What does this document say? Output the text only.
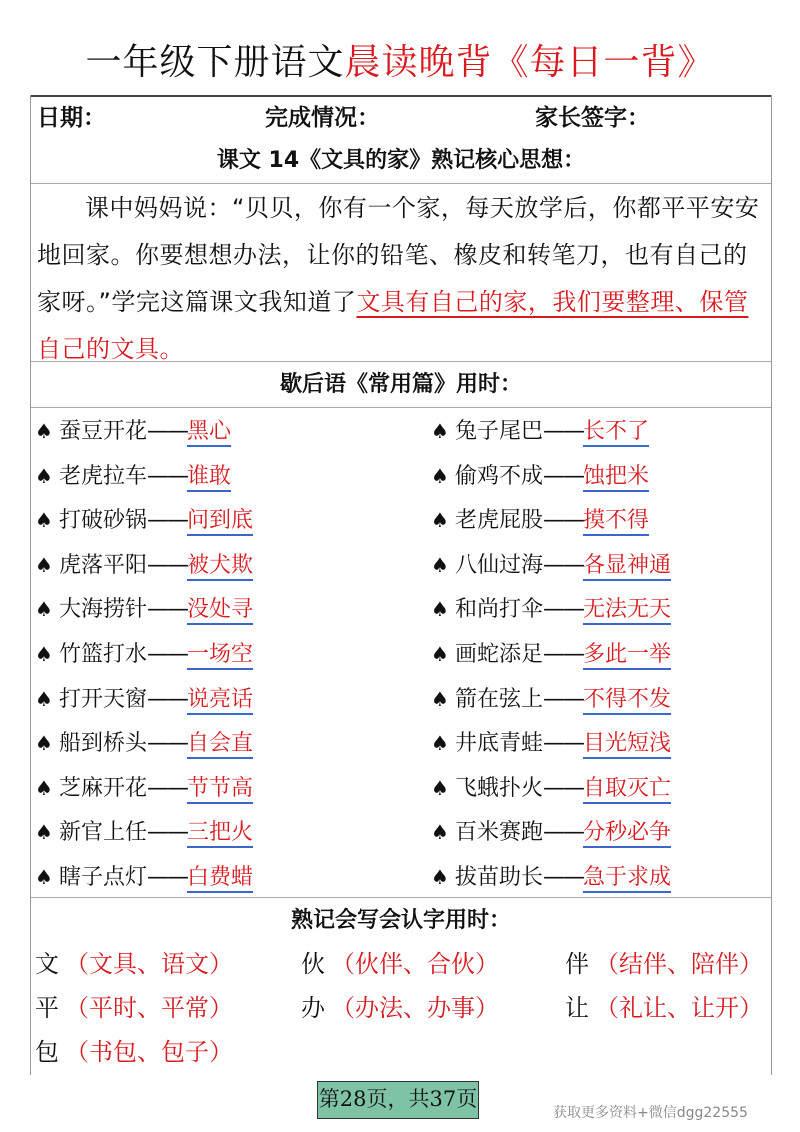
一年级下册语文晨读晚背《每日一背》
日期：	完成情况：	家长签字：
课文 14《文具的家》熟记核心思想：
课中妈妈说：“贝贝，你有一个家，每天放学后，你都平平安安地回家。你要想想办法，让你的铅笔、橡皮和转笔刀，也有自己的家呀。”学完这篇课文我知道了文具有自己的家，我们要整理、保管自己的文具。
歇后语《常用篇》用时：
♠ 蚕豆开花——黑心
♠ 老虎拉车——谁敢
♠ 打破砂锅——问到底
♠ 虎落平阳——被犬欺
♠ 大海捞针——没处寻
♠ 竹篮打水——一场空
♠ 打开天窗——说亮话
♠ 船到桥头——自会直
♠ 芝麻开花——节节高
♠ 新官上任——三把火
♠ 瞎子点灯——白费蜡
♠ 兔子尾巴——长不了
♠ 偷鸡不成——蚀把米
♠ 老虎屁股——摸不得
♠ 八仙过海——各显神通
♠ 和尚打伞——无法无天
♠ 画蛇添足——多此一举
♠ 箭在弦上——不得不发
♠ 井底青蛙——目光短浅
♠ 飞蛾扑火——自取灭亡
♠ 百米赛跑——分秒必争
♠ 拔苗助长——急于求成
熟记会写会认字用时：
文 （文具、语文）	伙 （伙伴、合伙）	伴 （结伴、陪伴）
平 （平时、平常）	办 （办法、办事）	让 （礼让、让开）
包 （书包、包子）
第28页，共37页
获取更多资料+微信dgg22555
